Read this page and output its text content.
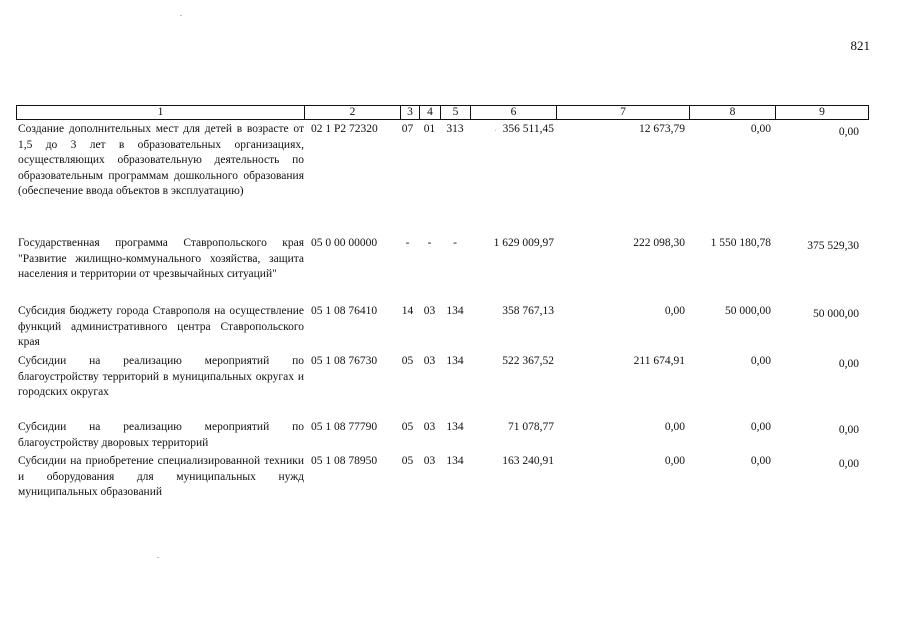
821
1	2	3	4	5	6	7	8	9
Создание дополнительных мест для детей в возрасте от 1,5 до 3 лет в образовательных организациях, осуществляющих образовательную деятельность по образовательным программам дошкольного образования (обеспечение ввода объектов в эксплуатацию)
02 1 P2 72320	07 01 313	356 511,45	12 673,79	0,00	0,00
Государственная программа Ставропольского края "Развитие жилищно-коммунального хозяйства, защита населения и территории от чрезвычайных ситуаций"
05 0 00 00000	-	-	-	1 629 009,97	222 098,30	1 550 180,78	375 529,30
Субсидия бюджету города Ставрополя на осуществление функций административного центра Ставропольского края
05 1 08 76410	14 03 134	358 767,13	0,00	50 000,00	50 000,00
Субсидии на реализацию мероприятий по благоустройству территорий в муниципальных округах и городских округах
05 1 08 76730	05 03 134	522 367,52	211 674,91	0,00	0,00
Субсидии на реализацию мероприятий по благоустройству дворовых территорий
05 1 08 77790	05 03 134	71 078,77	0,00	0,00	0,00
Субсидии на приобретение специализированной техники и оборудования для муниципальных нужд муниципальных образований
05 1 08 78950	05 03 134	163 240,91	0,00	0,00	0,00
